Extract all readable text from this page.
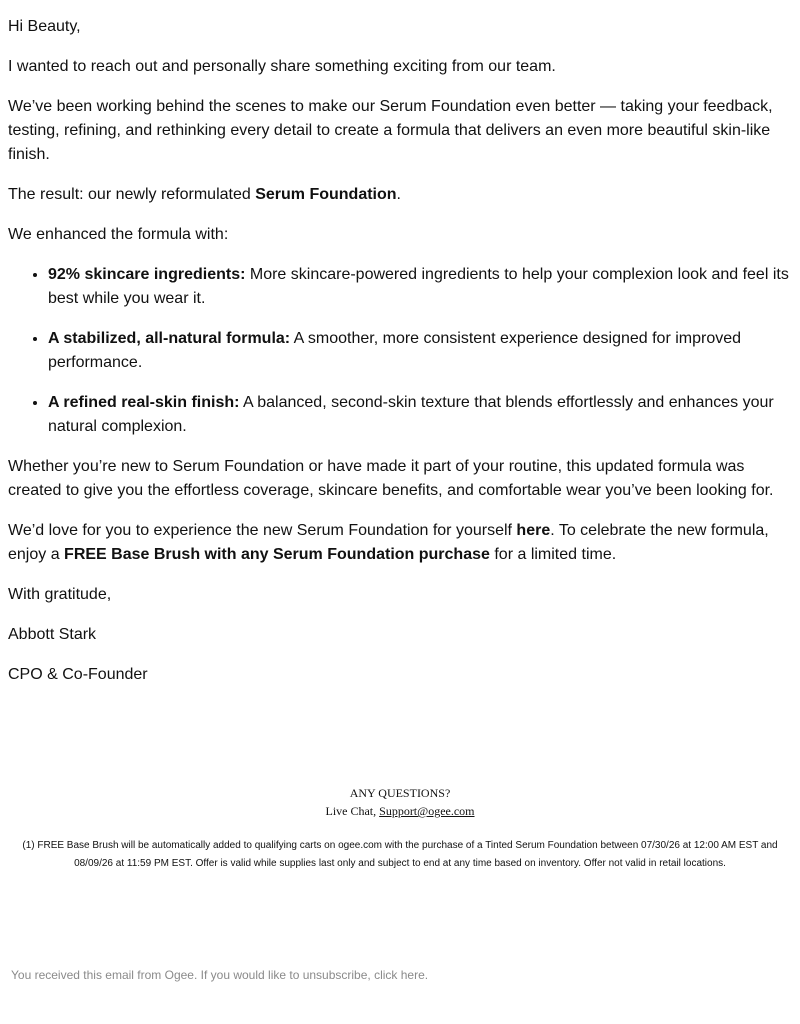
Hi Beauty,

I wanted to reach out and personally share something exciting from our team.

We’ve been working behind the scenes to make our Serum Foundation even better — taking your feedback, testing, refining, and rethinking every detail to create a formula that delivers an even more beautiful skin-like finish.

The result: our newly reformulated Serum Foundation.

We enhanced the formula with:

• 92% skincare ingredients: More skincare-powered ingredients to help your complexion look and feel its best while you wear it.
• A stabilized, all-natural formula: A smoother, more consistent experience designed for improved performance.
• A refined real-skin finish: A balanced, second-skin texture that blends effortlessly and enhances your natural complexion.

Whether you’re new to Serum Foundation or have made it part of your routine, this updated formula was created to give you the effortless coverage, skincare benefits, and comfortable wear you’ve been looking for.

We’d love for you to experience the new Serum Foundation for yourself here. To celebrate the new formula, enjoy a FREE Base Brush with any Serum Foundation purchase for a limited time.

With gratitude,

Abbott Stark

CPO & Co-Founder

ANY QUESTIONS?
Live Chat, Support@ogee.com
(1) FREE Base Brush will be automatically added to qualifying carts on ogee.com with the purchase of a Tinted Serum Foundation between 07/30/26 at 12:00 AM EST and 08/09/26 at 11:59 PM EST. Offer is valid while supplies last only and subject to end at any time based on inventory. Offer not valid in retail locations.
You received this email from Ogee. If you would like to unsubscribe, click here.
